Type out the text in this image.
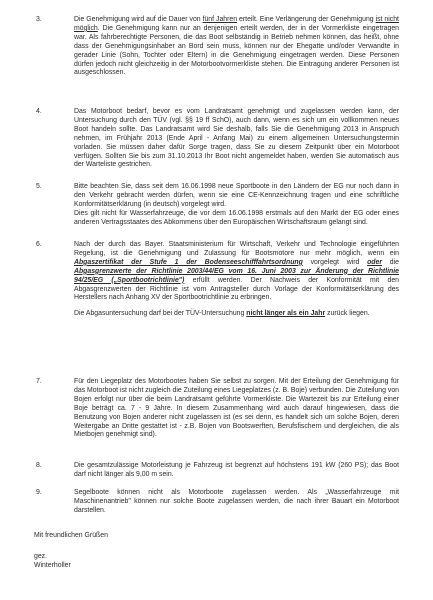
3.	Die Genehmigung wird auf die Dauer von fünf Jahren erteilt. Eine Verlängerung der Genehmigung ist nicht möglich. Die Genehmigung kann nur an denjenigen erteilt werden, der in der Vormerkliste eingetragen war. Als fahrberechtigte Personen, die das Boot selbständig in Betrieb nehmen können, das heißt, ohne dass der Genehmigungsinhaber an Bord sein muss, können nur der Ehegatte und/oder Verwandte in gerader Linie (Sohn, Tochter oder Eltern) in die Genehmigung eingetragen werden. Diese Personen dürfen jedoch nicht gleichzeitig in der Motorbootvormerkliste stehen. Die Eintragung anderer Personen ist ausgeschlossen.
4.	Das Motorboot bedarf, bevor es vom Landratsamt genehmigt und zugelassen werden kann, der Untersuchung durch den TÜV (vgl. §§ 19 ff SchO), auch dann, wenn es sich um ein vollkommen neues Boot handeln sollte. Das Landratsamt wird Sie deshalb, falls Sie die Genehmigung 2013 in Anspruch nehmen, im Frühjahr 2013 (Ende April - Anfang Mai) zu einem allgemeinen Untersuchungstermin vorladen. Sie müssen daher dafür Sorge tragen, dass Sie zu diesem Zeitpunkt über ein Motorboot verfügen. Sollten Sie bis zum 31.10.2013 Ihr Boot nicht angemeldet haben, werden Sie automatisch aus der Warteliste gestrichen.
5.	Bitte beachten Sie, dass seit dem 16.06.1998 neue Sportboote in den Ländern der EG nur noch dann in den Verkehr gebracht werden dürfen, wenn sie eine CE-Kennzeichnung tragen und eine schriftliche Konformitätserklärung (in deutsch) vorgelegt wird.

Dies gilt nicht für Wasserfahrzeuge, die vor dem 16.06.1998 erstmals auf den Markt der EG oder eines anderen Vertragsstaates des Abkommens über den Europäischen Wirtschaftsraum gelangt sind.

6.	Nach der durch das Bayer. Staatsministerium für Wirtschaft, Verkehr und Technologie eingeführten Regelung, ist die Genehmigung und Zulassung für Bootsmotore nur mehr möglich, wenn ein Abgaszertifikat der Stufe 1 der Bodenseeschifffahrtsordnung vorgelegt wird oder die Abgasgrenzwerte der Richtlinie 2003/44/EG vom 16. Juni 2003 zur Änderung der Richtlinie 94/25/EG („Sportbootrichtlinie") erfüllt werden. Der Nachweis der Konformität mit den Abgasgrenzwerten der Richtlinie ist vom Antragsteller durch Vorlage der Konformitätserklärung des Herstellers nach Anhang XV der Sportbootrichtlinie zu erbringen.

Die Abgasuntersuchung darf bei der TÜV-Untersuchung nicht länger als ein Jahr zurück liegen.

7.	Für den Liegeplatz des Motorbootes haben Sie selbst zu sorgen. Mit der Erteilung der Genehmigung für das Motorboot ist nicht zugleich die Zuteilung eines Liegeplatzes (z. B. Boje) verbunden. Die Zuteilung von Bojen erfolgt nur über die beim Landratsamt geführte Vormerkliste. Die Wartezeit bis zur Erteilung einer Boje beträgt ca. 7 - 9 Jahre. In diesem Zusammenhang wird auch darauf hingewiesen, dass die Benutzung von Bojen anderer nicht zugelassen ist (es sei denn, es handelt sich um solche Bojen, deren Weitergabe an Dritte gestattet ist - z.B. Bojen von Bootswerften, Berufsfischern und dergleichen, die als Mietbojen genehmigt sind).
8.	Die gesamtzulässige Motorleistung je Fahrzeug ist begrenzt auf höchstens 191 kW (260 PS); das Boot darf nicht länger als 9,00 m sein.
9.	Segelboote können nicht als Motorboote zugelassen werden. Als „Wasserfahrzeuge mit Maschinenantrieb" können nur solche Boote zugelassen werden, die nach ihrer Bauart ein Motorboot darstellen.
Mit freundlichen Grüßen
gez.
Winterholler
